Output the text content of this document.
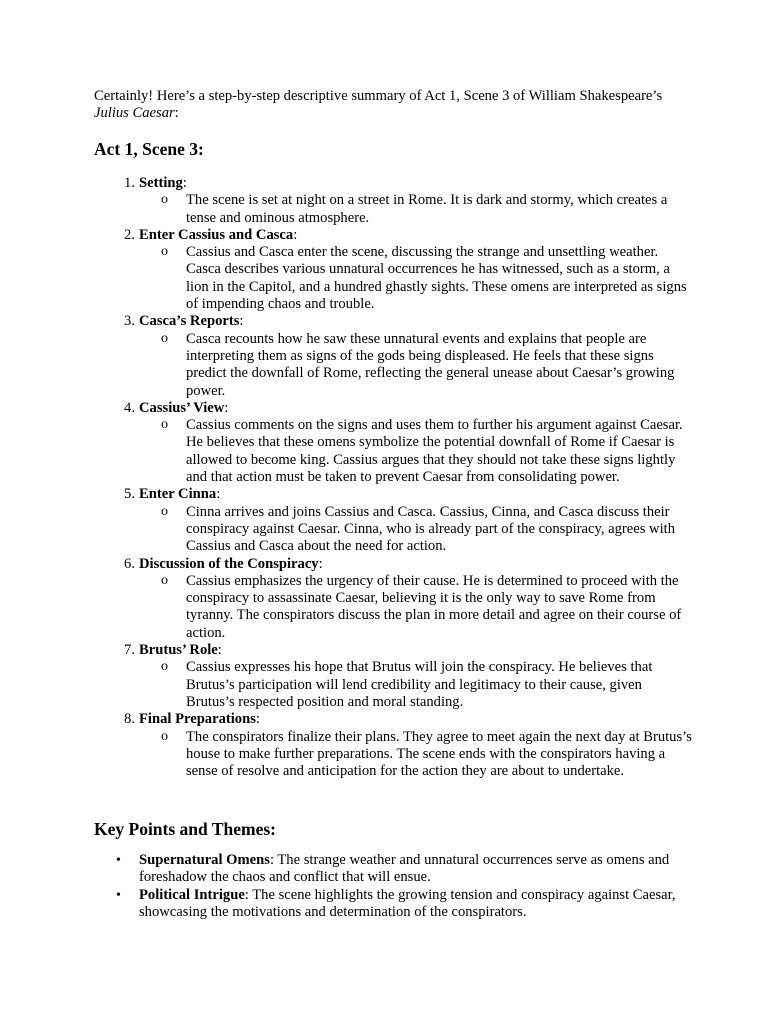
Certainly! Here’s a step-by-step descriptive summary of Act 1, Scene 3 of William Shakespeare’s Julius Caesar:

Act 1, Scene 3:
1. Setting:
o The scene is set at night on a street in Rome. It is dark and stormy, which creates a tense and ominous atmosphere.
2. Enter Cassius and Casca:
o Cassius and Casca enter the scene, discussing the strange and unsettling weather. Casca describes various unnatural occurrences he has witnessed, such as a storm, a lion in the Capitol, and a hundred ghastly sights. These omens are interpreted as signs of impending chaos and trouble.
3. Casca’s Reports:
o Casca recounts how he saw these unnatural events and explains that people are interpreting them as signs of the gods being displeased. He feels that these signs predict the downfall of Rome, reflecting the general unease about Caesar’s growing power.
4. Cassius’ View:
o Cassius comments on the signs and uses them to further his argument against Caesar. He believes that these omens symbolize the potential downfall of Rome if Caesar is allowed to become king. Cassius argues that they should not take these signs lightly and that action must be taken to prevent Caesar from consolidating power.
5. Enter Cinna:
o Cinna arrives and joins Cassius and Casca. Cassius, Cinna, and Casca discuss their conspiracy against Caesar. Cinna, who is already part of the conspiracy, agrees with Cassius and Casca about the need for action.
6. Discussion of the Conspiracy:
o Cassius emphasizes the urgency of their cause. He is determined to proceed with the conspiracy to assassinate Caesar, believing it is the only way to save Rome from tyranny. The conspirators discuss the plan in more detail and agree on their course of action.
7. Brutus’ Role:
o Cassius expresses his hope that Brutus will join the conspiracy. He believes that Brutus’s participation will lend credibility and legitimacy to their cause, given Brutus’s respected position and moral standing.
8. Final Preparations:
o The conspirators finalize their plans. They agree to meet again the next day at Brutus’s house to make further preparations. The scene ends with the conspirators having a sense of resolve and anticipation for the action they are about to undertake.
Key Points and Themes:
• Supernatural Omens: The strange weather and unnatural occurrences serve as omens and foreshadow the chaos and conflict that will ensue.
• Political Intrigue: The scene highlights the growing tension and conspiracy against Caesar, showcasing the motivations and determination of the conspirators.
